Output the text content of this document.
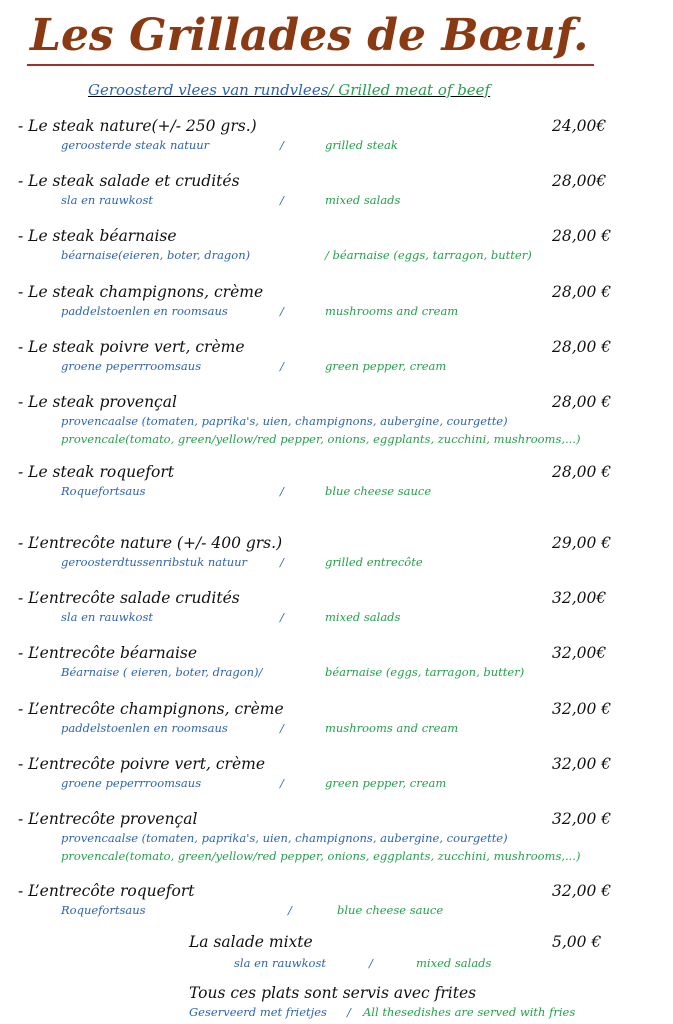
Les Grillades de Bœuf.
Geroosterd vlees van rundvlees/ Grilled meat of beef
- Le steak nature(+/- 250 grs.)	24,00€
geroosterde steak natuur	/	grilled steak
- Le steak salade et crudités	28,00€
sla en rauwkost	/	mixed salads
- Le steak béarnaise	28,00 €
béarnaise(eieren, boter, dragon)	/ béarnaise (eggs, tarragon, butter)
- Le steak champignons, crème	28,00 €
paddelstoenlen en roomsaus	/	mushrooms and cream
- Le steak poivre vert, crème	28,00 €
groene peperrroomsaus	/	green pepper, cream
- Le steak provençal	28,00 €
provencaalse (tomaten, paprika's, uien, champignons, aubergine, courgette)
provencale(tomato, green/yellow/red pepper, onions, eggplants, zucchini, mushrooms,...)
- Le steak roquefort	28,00 €
Roquefortsaus	/	blue cheese sauce
- L’entrecôte nature (+/- 400 grs.)	29,00 €
geroosterdtussenribstuk natuur	/	grilled entrecôte
- L’entrecôte salade crudités	32,00€
sla en rauwkost	/	mixed salads
- L’entrecôte béarnaise	32,00€
Béarnaise ( eieren, boter, dragon)/	béarnaise (eggs, tarragon, butter)
- L’entrecôte champignons, crème	32,00 €
paddelstoenlen en roomsaus	/	mushrooms and cream
- L’entrecôte poivre vert, crème	32,00 €
groene peperrroomsaus	/	green pepper, cream
- L’entrecôte provençal	32,00 €
provencaalse (tomaten, paprika's, uien, champignons, aubergine, courgette)
provencale(tomato, green/yellow/red pepper, onions, eggplants, zucchini, mushrooms,...)
- L’entrecôte roquefort	32,00 €
Roquefortsaus	/	blue cheese sauce
La salade mixte	5,00 €
sla en rauwkost	/	mixed salads
Tous ces plats sont servis avec frites
Geserveerd met frietjes / All thesedishes are served with fries
